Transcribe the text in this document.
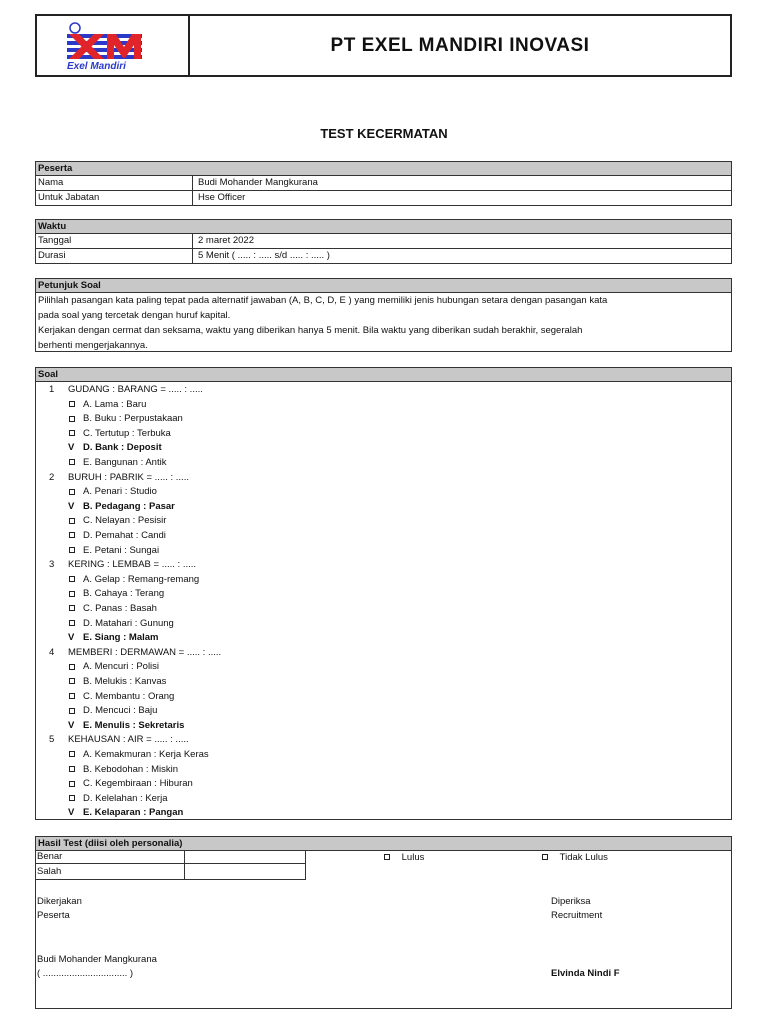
Exel Mandiri
PT EXEL MANDIRI INOVASI
TEST KECERMATAN
Peserta
Nama	Budi Mohander Mangkurana
Untuk Jabatan	Hse Officer
Waktu
Tanggal	2 maret 2022
Durasi	5 Menit ( ..... : ..... s/d ..... : ..... )
Petunjuk Soal

Pilihlah pasangan kata paling tepat pada alternatif jawaban (A, B, C, D, E ) yang memiliki jenis hubungan setara dengan pasangan kata

pada soal yang tercetak dengan huruf kapital.

Kerjakan dengan cermat dan seksama, waktu yang diberikan hanya 5 menit. Bila waktu yang diberikan sudah berakhir, segeralah

berhenti mengerjakannya.

Soal
1 GUDANG : BARANG = ..... : .....
A. Lama : Baru
B. Buku : Perpustakaan
C. Tertutup : Terbuka
V D. Bank : Deposit
E. Bangunan : Antik
2 BURUH : PABRIK = ..... : .....
A. Penari : Studio
V B. Pedagang : Pasar
C. Nelayan : Pesisir
D. Pemahat : Candi
E. Petani : Sungai
3 KERING : LEMBAB = ..... : .....
A. Gelap : Remang-remang
B. Cahaya : Terang
C. Panas : Basah
D. Matahari : Gunung
V E. Siang : Malam
4 MEMBERI : DERMAWAN = ..... : .....
A. Mencuri : Polisi
B. Melukis : Kanvas
C. Membantu : Orang
D. Mencuci : Baju
V E. Menulis : Sekretaris
5 KEHAUSAN : AIR = ..... : .....
A. Kemakmuran : Kerja Keras
B. Kebodohan : Miskin
C. Kegembiraan : Hiburan
D. Kelelahan : Kerja
V E. Kelaparan : Pangan
Hasil Test (diisi oleh personalia)
Benar
Salah
Lulus	Tidak Lulus
Dikerjakan
Peserta
Diperiksa
Recruitment
Budi Mohander Mangkurana
( ................................ )	Elvinda Nindi F
